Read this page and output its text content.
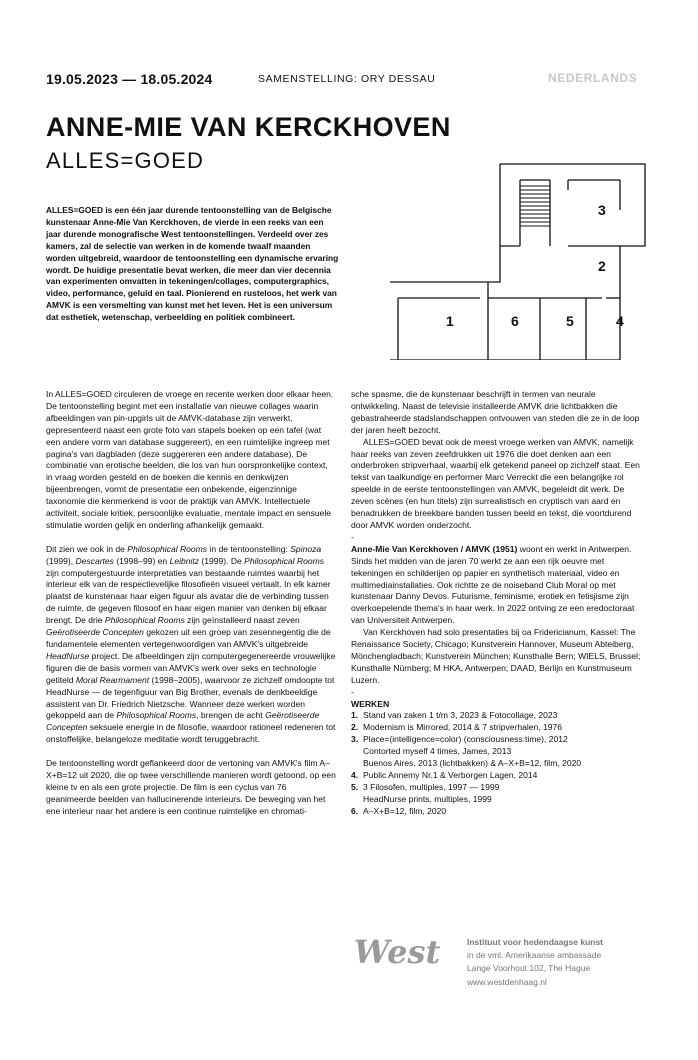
19.05.2023 — 18.05.2024	SAMENSTELLING: ORY DESSAU	NEDERLANDS
ANNE-MIE VAN KERCKHOVEN
ALLES=GOED

ALLES=GOED is een één jaar durende tentoonstelling van de Belgische kunstenaar Anne-Mie Van Kerckhoven, de vierde in een reeks van een jaar durende monografische West tentoonstellingen. Verdeeld over zes kamers, zal de selectie van werken in de komende twaalf maanden worden uitgebreid, waardoor de tentoonstelling een dynamische ervaring wordt. De huidige presentatie bevat werken, die meer dan vier decennia van experimenten omvatten in tekeningen/collages, computergraphics, video, performance, geluid en taal. Pionierend en rusteloos, het werk van AMVK is een versmelting van kunst met het leven. Het is een universum dat esthetiek, wetenschap, verbeelding en politiek combineert.	1	6	5	4
2
3

In ALLES=GOED circuleren de vroege en recente werken door elkaar heen. De tentoonstelling begint met een installatie van nieuwe collages waarin afbeeldingen van pin-upgirls uit de AMVK-database zijn verwerkt, gepresenteerd naast een grote foto van stapels boeken op een tafel (wat een andere vorm van database suggereert), en een ruimtelijke ingreep met pagina's van dagbladen (deze suggereren een andere database). De combinatie van erotische beelden, die los van hun oorspronkelijke context, in vraag worden gesteld en de boeken die kennis en denkwijzen bijeenbrengen, vormt de presentatie een onbekende, eigenzinnige taxonomie die kenmerkend is voor de praktijk van AMVK. Intellectuele activiteit, sociale kritiek, persoonlijke evaluatie, mentale impact en sensuele stimulatie worden gelijk en onderling afhankelijk gemaakt.

Dit zien we ook in de Philosophical Rooms in de tentoonstelling: Spinoza (1999), Descartes (1998–99) en Leibnitz (1999). De Philosophical Rooms zijn computergestuurde interpretaties van bestaande ruimtes waarbij het interieur elk van de respectievelijke filosofieën visueel vertaalt. In elk kamer plaatst de kunstenaar haar eigen figuur als avatar die de verbinding tussen de ruimte, de gegeven filosoof en haar eigen manier van denken bij elkaar brengt. De drie Philosophical Rooms zijn geïnstalleerd naast zeven Geërotiseerde Concepten gekozen uit een groep van zesennegentig die de fundamentele elementen vertegenwoordigen van AMVK's uitgebreide HeadNurse project. De afbeeldingen zijn computergegenereerde vrouwelijke figuren die de basis vormen van AMVK's werk over seks en technologie getiteld Moral Rearmament (1998–2005), waarvoor ze zichzelf omdoopte tot HeadNurse — de tegenfiguur van Big Brother, evenals de denkbeeldige assistent van Dr. Friedrich Nietzsche. Wanneer deze werken worden gekoppeld aan de Philosophical Rooms, brengen de acht Geërotiseerde Concepten seksuele energie in de filosofie, waardoor rationeel redeneren tot onstoffelijke, belangeloze meditatie wordt teruggebracht.

De tentoonstelling wordt geflankeerd door de vertoning van AMVK's film A–X+B=12 uit 2020, die op twee verschillende manieren wordt getoond, op een kleine tv en als een grote projectie. De film is een cyclus van 76 geanimeerde beelden van hallucinerende interieurs. De beweging van het ene interieur naar het andere is een continue ruimtelijke en chromati-

sche spasme, die de kunstenaar beschrijft in termen van neurale ontwikkeling. Naast de televisie installeerde AMVK drie lichtbakken die gebastraheerde stadslandschappen ontvouwen van steden die ze in de loop der jaren heeft bezocht.

ALLES=GOED bevat ook de meest vroege werken van AMVK, namelijk haar reeks van zeven zeefdrukken uit 1976 die doet denken aan een onderbroken stripverhaal, waarbij elk getekend paneel op zichzelf staat. Een tekst van taalkundige en performer Marc Verreckt die een belangrijke rol speelde in de eerste tentoonstellingen van AMVK, begeleidt dit werk. De zeven scènes (en hun titels) zijn surrealistisch en cryptisch van aard en benadrukken de breekbare banden tussen beeld en tekst, die voortdurend door AMVK worden onderzocht.

-

Anne-Mie Van Kerckhoven / AMVK (1951) woont en werkt in Antwerpen. Sinds het midden van de jaren 70 werkt ze aan een rijk oeuvre met tekeningen en schilderijen op papier en synthetisch materiaal, video en multimediainstallaties. Ook richtte ze de noiseband Club Moral op met kunstenaar Danny Devos. Futurisme, feminisme, erotiek en fetisjisme zijn overkoepelende thema's in haar werk. In 2022 ontving ze een eredoctoraat van Universiteit Antwerpen.

Van Kerckhoven had solo presentaties bij oa Fridericianum, Kassel: The Renaissance Society, Chicago; Kunstverein Hannover, Museum Abteiberg, Mönchengladbach; Kunstverein München; Kunsthalle Bern; WIELS, Brussel; Kunsthalle Nürnberg; M HKA, Antwerpen; DAAD, Berlijn en Kunstmuseum Luzern.

-

WERKEN

1. Stand van zaken 1 t/m 3, 2023 & Fotocollage, 2023
2. Modernism is Mirrored, 2014 & 7 stripverhalen, 1976
3. Place=(intelligence=color) (consciousness:time), 2012
Contorted myself 4 times, James, 2013
Buenos Aires, 2013 (lichtbakken) & A–X+B=12, film, 2020
4. Public Annemy Nr.1 & Verborgen Lagen, 2014
5. 3 Filosofen, multiples, 1997 — 1999
HeadNurse prints, multiples, 1999
6. A–X+B=12, film, 2020
West	Instituut voor hedendaagse kunst
in de vml. Amerikaanse ambassade
Lange Voorhout 102, The Hague
www.westdenhaag.nl
